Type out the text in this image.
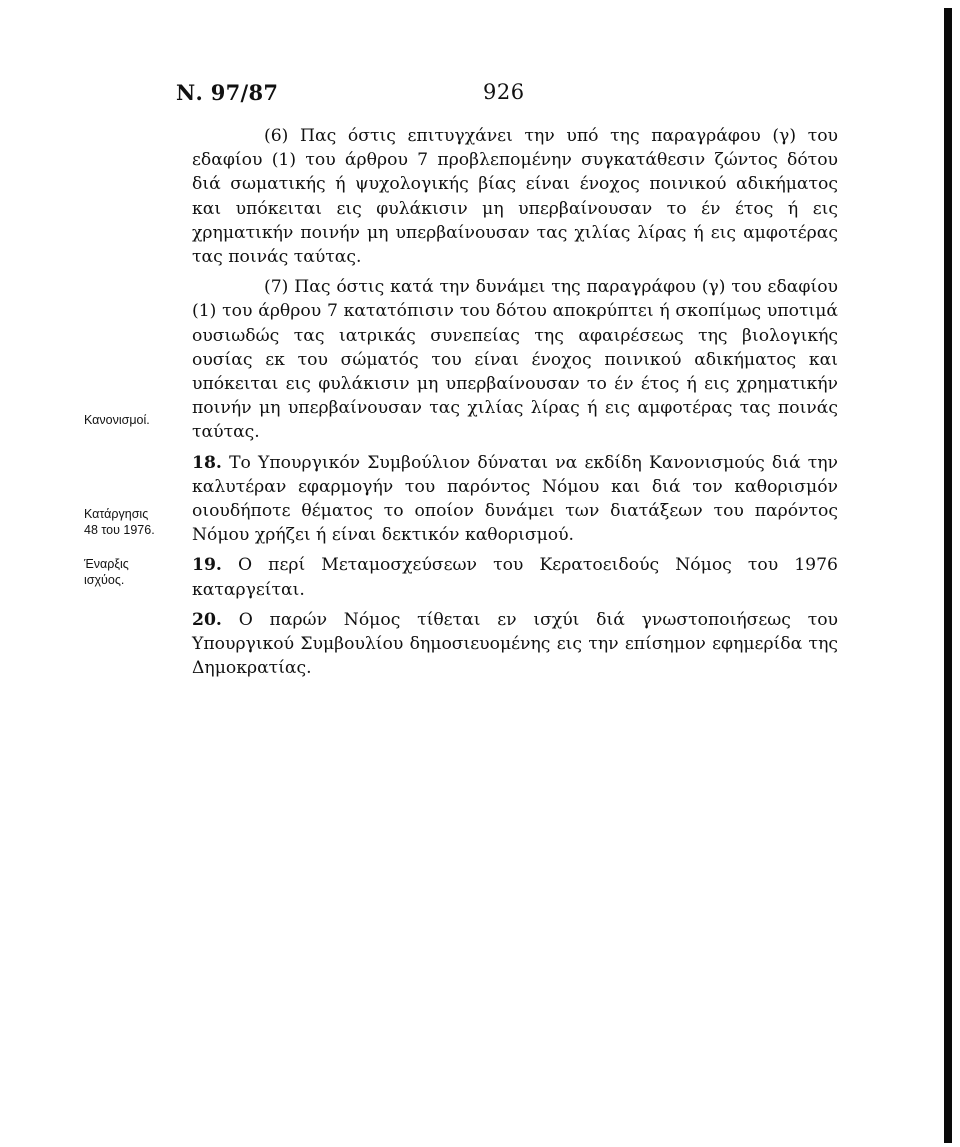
Ν. 97/87	926
Κανονισμοί.
Κατάργησις
48 του 1976.
Έναρξις
ισχύος.

(6) Πας όστις επιτυγχάνει την υπό της παραγράφου (γ) του εδαφίου (1) του άρθρου 7 προβλεπομένην συγκατάθεσιν ζώντος δότου διά σωματικής ή ψυχολογικής βίας είναι ένοχος ποινικού αδικήματος και υπόκειται εις φυλάκισιν μη υπερβαίνουσαν το έν έτος ή εις χρηματικήν ποινήν μη υπερβαίνουσαν τας χιλίας λίρας ή εις αμφοτέρας τας ποινάς ταύτας.

(7) Πας όστις κατά την δυνάμει της παραγράφου (γ) του εδαφίου (1) του άρθρου 7 κατατόπισιν του δότου αποκρύπτει ή σκοπίμως υποτιμά ουσιωδώς τας ιατρικάς συνεπείας της αφαιρέσεως της βιολογικής ουσίας εκ του σώματός του είναι ένοχος ποινικού αδικήματος και υπόκειται εις φυλάκισιν μη υπερβαίνουσαν το έν έτος ή εις χρηματικήν ποινήν μη υπερβαίνουσαν τας χιλίας λίρας ή εις αμφοτέρας τας ποινάς ταύτας.

18. Το Υπουργικόν Συμβούλιον δύναται να εκδίδη Κανονισμούς διά την καλυτέραν εφαρμογήν του παρόντος Νόμου και διά τον καθορισμόν οιουδήποτε θέματος το οποίον δυνάμει των διατάξεων του παρόντος Νόμου χρήζει ή είναι δεκτικόν καθορισμού.

19. Ο περί Μεταμοσχεύσεων του Κερατοειδούς Νόμος του 1976 καταργείται.

20. Ο παρών Νόμος τίθεται εν ισχύι διά γνωστοποιήσεως του Υπουργικού Συμβουλίου δημοσιευομένης εις την επίσημον εφημερίδα της Δημοκρατίας.
